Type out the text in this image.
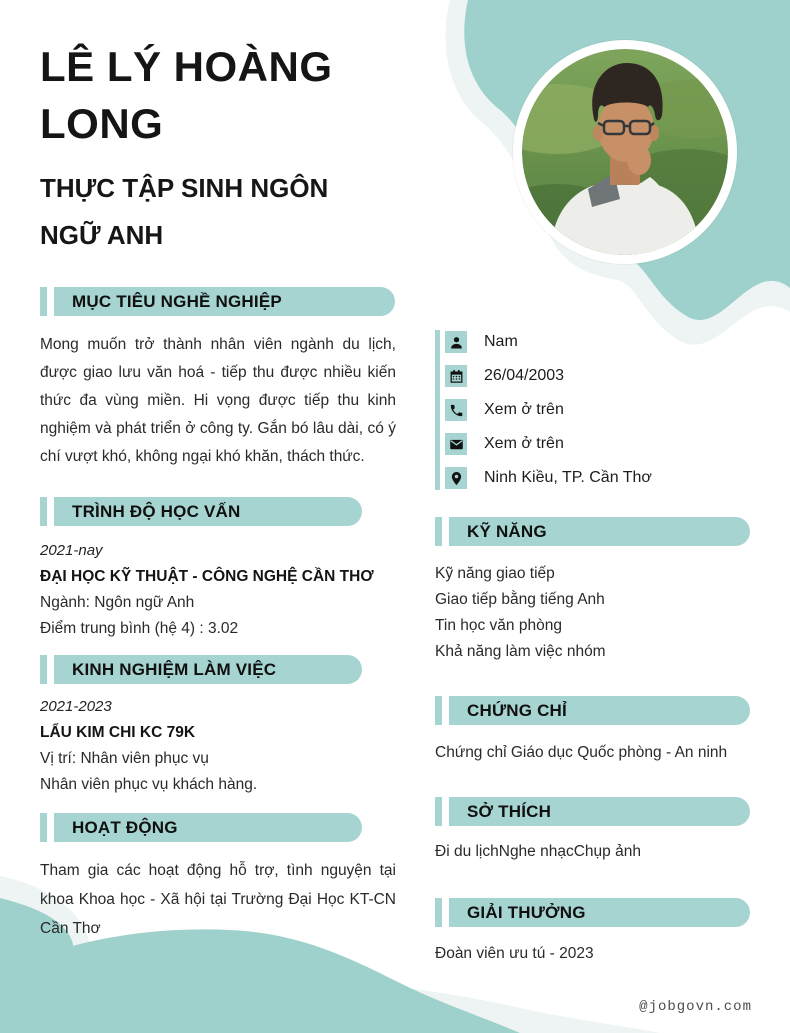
LÊ LÝ HOÀNG LONG
THỰC TẬP SINH NGÔN NGỮ ANH
MỤC TIÊU NGHỀ NGHIỆP
Mong muốn trở thành nhân viên ngành du lịch, được giao lưu văn hoá - tiếp thu được nhiều kiến thức đa vùng miền. Hi vọng được tiếp thu kinh nghiệm và phát triển ở công ty. Gắn bó lâu dài, có ý chí vượt khó, không ngại khó khăn, thách thức.
TRÌNH ĐỘ HỌC VẤN
2021-nay
ĐẠI HỌC KỸ THUẬT - CÔNG NGHỆ CẦN THƠ
Ngành: Ngôn ngữ Anh
Điểm trung bình (hệ 4) : 3.02
KINH NGHIỆM LÀM VIỆC
2021-2023
LẨU KIM CHI KC 79K
Vị trí: Nhân viên phục vụ
Nhân viên phục vụ khách hàng.
HOẠT ĐỘNG
Tham gia các hoạt động hỗ trợ, tình nguyện tại khoa Khoa học - Xã hội tại Trường Đại Học KT-CN Cần Thơ
Nam
26/04/2003
Xem ở trên
Xem ở trên
Ninh Kiều, TP. Cần Thơ
KỸ NĂNG
Kỹ năng giao tiếp
Giao tiếp bằng tiếng Anh
Tin học văn phòng
Khả năng làm việc nhóm
CHỨNG CHỈ
Chứng chỉ Giáo dục Quốc phòng - An ninh
SỞ THÍCH
Đi du lịchNghe nhạcChụp ảnh
GIẢI THƯỞNG
Đoàn viên ưu tú - 2023
@jobgovn.com
